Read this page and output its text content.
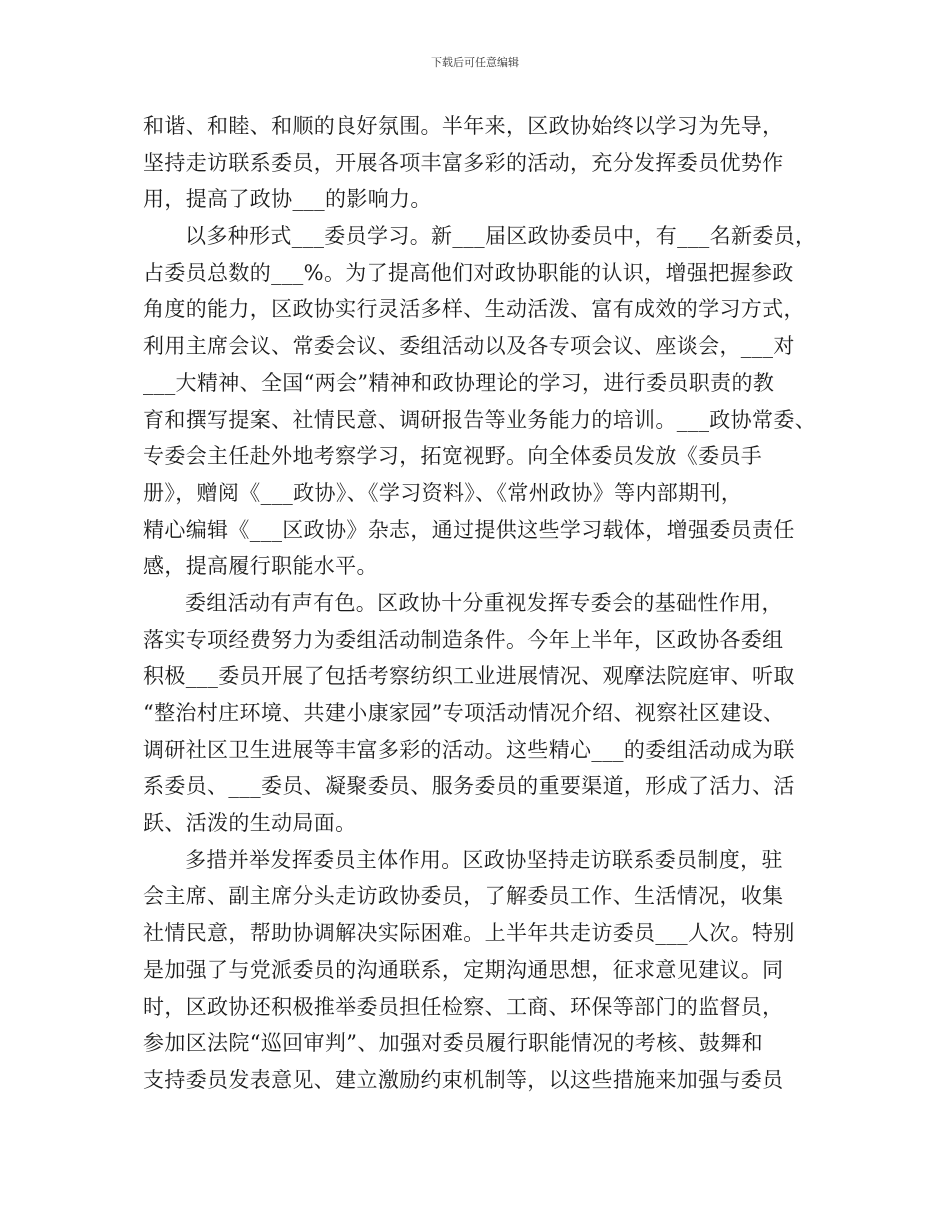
下载后可任意编辑
和谐、和睦、和顺的良好氛围。半年来，区政协始终以学习为先导，
坚持走访联系委员，开展各项丰富多彩的活动，充分发挥委员优势作
用，提高了政协___的影响力。
以多种形式___委员学习。新___届区政协委员中，有___名新委员，
占委员总数的___%。为了提高他们对政协职能的认识，增强把握参政
角度的能力，区政协实行灵活多样、生动活泼、富有成效的学习方式，
利用主席会议、常委会议、委组活动以及各专项会议、座谈会，___对
___大精神、全国“两会”精神和政协理论的学习，进行委员职责的教
育和撰写提案、社情民意、调研报告等业务能力的培训。___政协常委、
专委会主任赴外地考察学习，拓宽视野。向全体委员发放《委员手
册》，赠阅《___政协》、《学习资料》、《常州政协》等内部期刊，
精心编辑《___区政协》杂志，通过提供这些学习载体，增强委员责任
感，提高履行职能水平。
委组活动有声有色。区政协十分重视发挥专委会的基础性作用，
落实专项经费努力为委组活动制造条件。今年上半年，区政协各委组
积极___委员开展了包括考察纺织工业进展情况、观摩法院庭审、听取
“整治村庄环境、共建小康家园”专项活动情况介绍、视察社区建设、
调研社区卫生进展等丰富多彩的活动。这些精心___的委组活动成为联
系委员、___委员、凝聚委员、服务委员的重要渠道，形成了活力、活
跃、活泼的生动局面。
多措并举发挥委员主体作用。区政协坚持走访联系委员制度，驻
会主席、副主席分头走访政协委员，了解委员工作、生活情况，收集
社情民意，帮助协调解决实际困难。上半年共走访委员___人次。特别
是加强了与党派委员的沟通联系，定期沟通思想，征求意见建议。同
时，区政协还积极推举委员担任检察、工商、环保等部门的监督员，
参加区法院“巡回审判”、加强对委员履行职能情况的考核、鼓舞和
支持委员发表意见、建立激励约束机制等，以这些措施来加强与委员
